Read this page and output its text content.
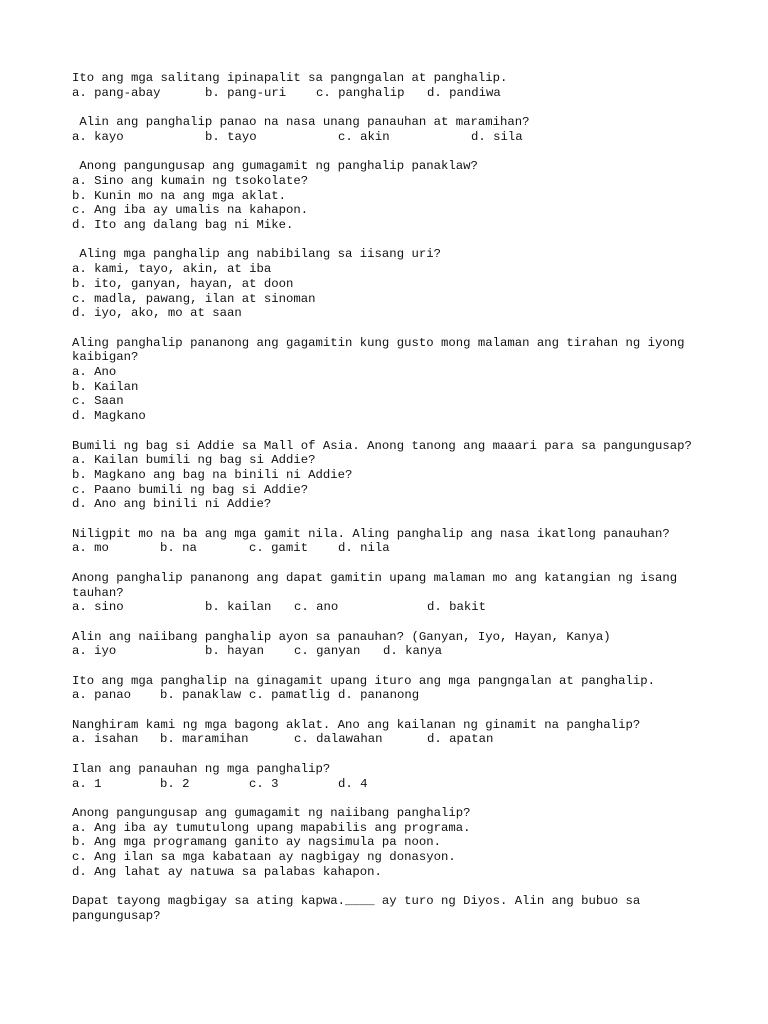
Ito ang mga salitang ipinapalit sa pangngalan at panghalip.
a. pang-abay	b. pang-uri	c. panghalip	d. pandiwa
Alin ang panghalip panao na nasa unang panauhan at maramihan?
a. kayo	b. tayo	c. akin	d. sila
Anong pangungusap ang gumagamit ng panghalip panaklaw?
a. Sino ang kumain ng tsokolate?
b. Kunin mo na ang mga aklat.
c. Ang iba ay umalis na kahapon.
d. Ito ang dalang bag ni Mike.
Aling mga panghalip ang nabibilang sa iisang uri?
a. kami, tayo, akin, at iba
b. ito, ganyan, hayan, at doon
c. madla, pawang, ilan at sinoman
d. iyo, ako, mo at saan
Aling panghalip pananong ang gagamitin kung gusto mong malaman ang tirahan ng iyong kaibigan?
a. Ano
b. Kailan
c. Saan
d. Magkano
Bumili ng bag si Addie sa Mall of Asia. Anong tanong ang maaari para sa pangungusap?
a. Kailan bumili ng bag si Addie?
b. Magkano ang bag na binili ni Addie?
c. Paano bumili ng bag si Addie?
d. Ano ang binili ni Addie?
Niligpit mo na ba ang mga gamit nila. Aling panghalip ang nasa ikatlong panauhan?
a. mo	b. na	c. gamit	d. nila
Anong panghalip pananong ang dapat gamitin upang malaman mo ang katangian ng isang tauhan?
a. sino	b. kailan	c. ano	d. bakit
Alin ang naiibang panghalip ayon sa panauhan? (Ganyan, Iyo, Hayan, Kanya)
a. iyo	b. hayan	c. ganyan	d. kanya
Ito ang mga panghalip na ginagamit upang ituro ang mga pangngalan at panghalip.
a. panao	b. panaklaw c. pamatlig d. pananong
Nanghiram kami ng mga bagong aklat. Ano ang kailanan ng ginamit na panghalip?
a. isahan	b. maramihan	c. dalawahan	d. apatan
Ilan ang panauhan ng mga panghalip?
a. 1	b. 2	c. 3	d. 4
Anong pangungusap ang gumagamit ng naiibang panghalip?
a. Ang iba ay tumutulong upang mapabilis ang programa.
b. Ang mga programang ganito ay nagsimula pa noon.
c. Ang ilan sa mga kabataan ay nagbigay ng donasyon.
d. Ang lahat ay natuwa sa palabas kahapon.
Dapat tayong magbigay sa ating kapwa.____ ay turo ng Diyos. Alin ang bubuo sa pangungusap?
